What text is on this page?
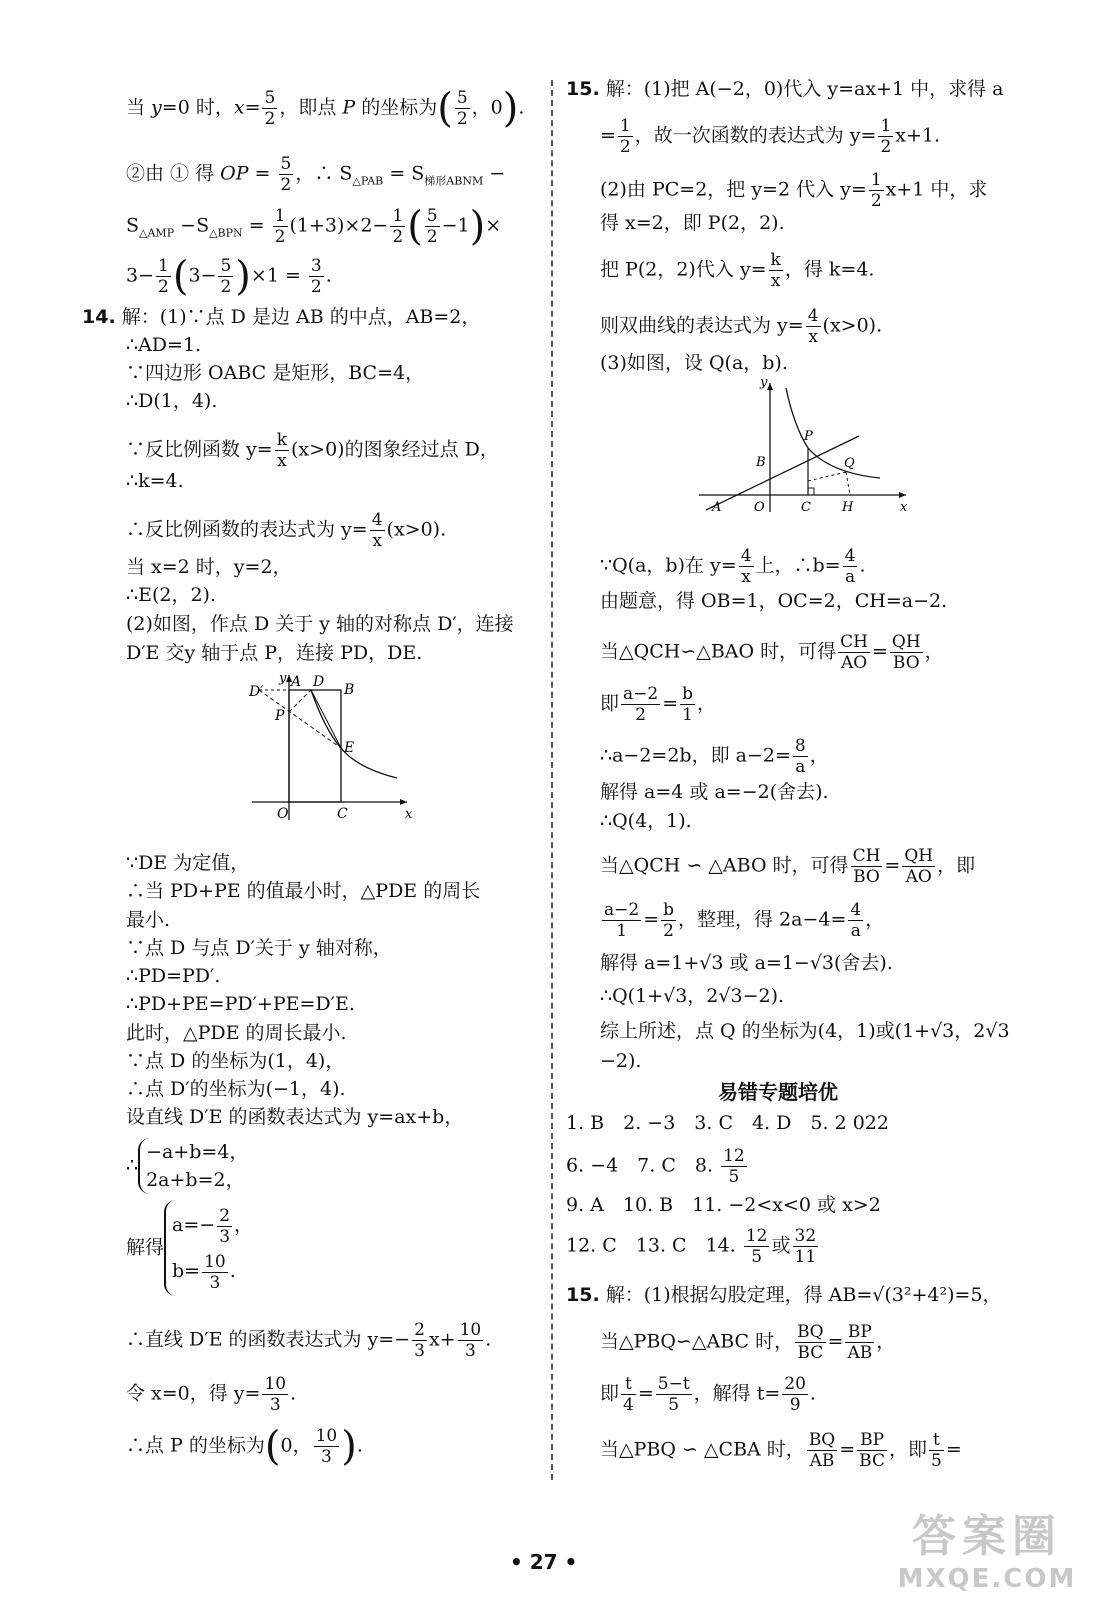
当 y=0 时，$x= \frac{5}{2}$ ，即点 P 的坐标为( $\frac{5}{2}$ ，0).
②由 ① 得 OP = $\frac{5}{2}$ ，∴ $S_{\triangle PAB} = S_{梯形ABNM}$ −
$S_{\triangle AMP} -S_{\triangle BPN} = \frac{1}{2} (1+3)\times 2- \frac{1}{2}$ ( $\frac{5}{2} -1)\times$
$3- \frac{1}{2} (3- \frac{5}{2} )\times 1 = \frac{3}{2}$ .
14. 解：(1)∵点 D 是边 AB 的中点，AB=2，
∴AD=1.
∵四边形 OABC 是矩形，BC=4，
∴D(1，4).
∵反比例函数 $y= \frac{k}{x} (x>0)$的图象经过点 D，
∴k=4.
∴反比例函数的表达式为 $y= \frac{4}{x} (x>0)$.
当 x=2 时，y=2，
∴E(2，2).
(2)如图，作点 D 关于 y 轴的对称点 D′，连接
D′E 交y 轴于点 P，连接 PD，DE.
D′
A D B
P
E
O	C	x
y
∵DE 为定值，
∴当 PD+PE 的值最小时，△PDE 的周长
最小.
∵点 D 与点 D′关于 y 轴对称，
∴PD=PD′.
∴PD+PE=PD′+PE=D′E.
此时，△PDE 的周长最小.
∵点 D 的坐标为(1，4)，
∴点 D′的坐标为(−1，4).
设直线 D′E 的函数表达式为 y=ax+b，
∴
−a+b=4，
2a+b=2，
解得
$a=- \frac{2}{3}$ ，
$b= \frac{10}{3}$ .
∴直线 D′E 的函数表达式为 $y=- \frac{2}{3} x+ \frac{10}{3}$ .
令 x=0，得 $y= \frac{10}{3}$ .
∴点 P 的坐标为(0， $\frac{10}{3}$ ).
15. 解：(1)把 A(−2，0)代入 y=ax+1 中，求得 a
= $\frac{1}{2}$ ，故一次函数的表达式为 $y= \frac{1}{2} x+1$.
(2)由 PC=2，把 y=2 代入 $y= \frac{1}{2} x+1$ 中，求
得 x=2，即 P(2，2).
把 P(2，2)代入 $y= \frac{k}{x}$ ，得 k=4.
则双曲线的表达式为 $y= \frac{4}{x} (x>0)$.
(3)如图，设 Q(a，b).
y
P
B	Q
A	O	C H	x
∵Q(a，b)在 $y= \frac{4}{x}$ 上，∴b= $\frac{4}{a}$ .
由题意，得 OB=1，OC=2，CH=a−2.
当△QCH∽△BAO 时，可得 $\frac{CH}{AO} = \frac{QH}{BO}$ ，
即 $\frac{a-2}{2} = \frac{b}{1}$ ，
∴a−2=2b，即 $a-2= \frac{8}{a}$ ，
解得 a=4 或 a=−2(舍去).
∴Q(4，1).
当△QCH ∽ △ABO 时，可得 $\frac{CH}{BO} = \frac{QH}{AO}$ ，即
$\frac{a-2}{1} = \frac{b}{2}$ ，整理，得 $2a-4= \frac{4}{a}$ ，
解得 a=1+√3 或 a=1−√3(舍去).
∴Q(1+√3，2√3−2).
综上所述，点 Q 的坐标为(4，1)或(1+√3，2√3
−2).
易错专题培优
1. B　2. −3　3. C　4. D　5. 2 022
6. −4　7. C　8. $\frac{12}{5}$
9. A　10. B　11. −2<x<0 或 x>2
12. C　13. C　14. $\frac{12}{5}$ 或 $\frac{32}{11}$
15. 解：(1)根据勾股定理，得 AB=√(3²+4²)=5，
当△PBQ∽△ABC 时， $\frac{BQ}{BC} = \frac{BP}{AB}$ ，
即 $\frac{t}{4} = \frac{5-t}{5}$ ，解得 $t= \frac{20}{9}$ .
当△PBQ ∽ △CBA 时， $\frac{BQ}{AB} = \frac{BP}{BC}$ ，即 $\frac{t}{5}$ =
• 27 •	答案圈
MXQE.COM
